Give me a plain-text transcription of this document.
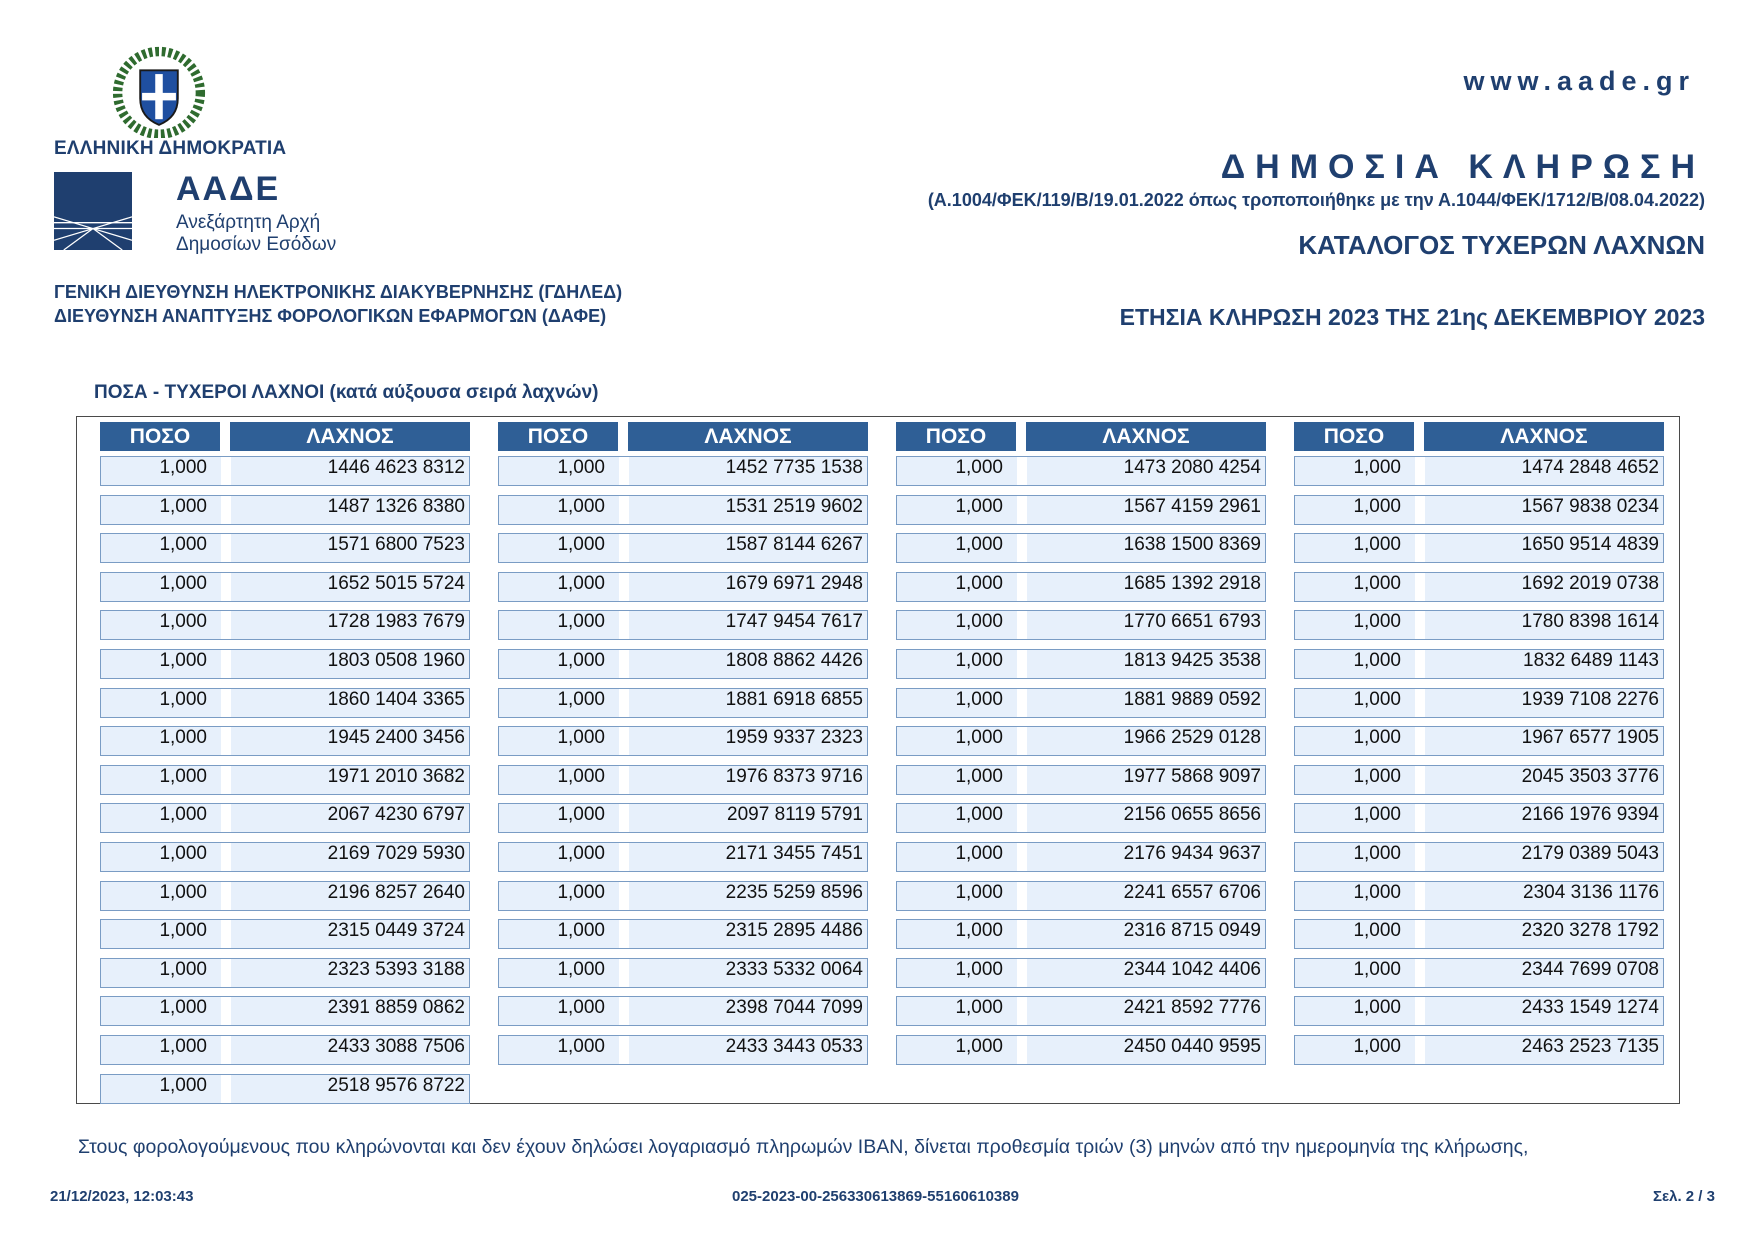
ΕΛΛΗΝΙΚΗ ΔΗΜΟΚΡΑΤΙΑ
ΑΑΔΕ
Ανεξάρτητη Αρχή
Δημοσίων Εσόδων
ΓΕΝΙΚΗ ΔΙΕΥΘΥΝΣΗ ΗΛΕΚΤΡΟΝΙΚΗΣ ΔΙΑΚΥΒΕΡΝΗΣΗΣ (ΓΔΗΛΕΔ)
ΔΙΕΥΘΥΝΣΗ ΑΝΑΠΤΥΞΗΣ ΦΟΡΟΛΟΓΙΚΩΝ ΕΦΑΡΜΟΓΩΝ (ΔΑΦΕ)
www.aade.gr
ΔΗΜΟΣΙΑ ΚΛΗΡΩΣΗ
(Α.1004/ΦΕΚ/119/Β/19.01.2022 όπως τροποποιήθηκε με την Α.1044/ΦΕΚ/1712/Β/08.04.2022)
ΚΑΤΑΛΟΓΟΣ ΤΥΧΕΡΩΝ ΛΑΧΝΩΝ
ΕΤΗΣΙΑ ΚΛΗΡΩΣΗ 2023 ΤΗΣ 21ης ΔΕΚΕΜΒΡΙΟΥ 2023
ΠΟΣΑ - ΤΥΧΕΡΟΙ ΛΑΧΝΟΙ (κατά αύξουσα σειρά λαχνών)
ΠΟΣΟ	ΛΑΧΝΟΣ
1,000	1446 4623 8312
1,000	1487 1326 8380
1,000	1571 6800 7523
1,000	1652 5015 5724
1,000	1728 1983 7679
1,000	1803 0508 1960
1,000	1860 1404 3365
1,000	1945 2400 3456
1,000	1971 2010 3682
1,000	2067 4230 6797
1,000	2169 7029 5930
1,000	2196 8257 2640
1,000	2315 0449 3724
1,000	2323 5393 3188
1,000	2391 8859 0862
1,000	2433 3088 7506
1,000	2518 9576 8722
ΠΟΣΟ	ΛΑΧΝΟΣ
1,000	1452 7735 1538
1,000	1531 2519 9602
1,000	1587 8144 6267
1,000	1679 6971 2948
1,000	1747 9454 7617
1,000	1808 8862 4426
1,000	1881 6918 6855
1,000	1959 9337 2323
1,000	1976 8373 9716
1,000	2097 8119 5791
1,000	2171 3455 7451
1,000	2235 5259 8596
1,000	2315 2895 4486
1,000	2333 5332 0064
1,000	2398 7044 7099
1,000	2433 3443 0533
ΠΟΣΟ	ΛΑΧΝΟΣ
1,000	1473 2080 4254
1,000	1567 4159 2961
1,000	1638 1500 8369
1,000	1685 1392 2918
1,000	1770 6651 6793
1,000	1813 9425 3538
1,000	1881 9889 0592
1,000	1966 2529 0128
1,000	1977 5868 9097
1,000	2156 0655 8656
1,000	2176 9434 9637
1,000	2241 6557 6706
1,000	2316 8715 0949
1,000	2344 1042 4406
1,000	2421 8592 7776
1,000	2450 0440 9595
ΠΟΣΟ	ΛΑΧΝΟΣ
1,000	1474 2848 4652
1,000	1567 9838 0234
1,000	1650 9514 4839
1,000	1692 2019 0738
1,000	1780 8398 1614
1,000	1832 6489 1143
1,000	1939 7108 2276
1,000	1967 6577 1905
1,000	2045 3503 3776
1,000	2166 1976 9394
1,000	2179 0389 5043
1,000	2304 3136 1176
1,000	2320 3278 1792
1,000	2344 7699 0708
1,000	2433 1549 1274
1,000	2463 2523 7135
Στους φορολογούμενους που κληρώνονται και δεν έχουν δηλώσει λογαριασμό πληρωμών IBAN, δίνεται προθεσμία τριών (3) μηνών από την ημερομηνία της κλήρωσης,
21/12/2023, 12:03:43	025-2023-00-256330613869-55160610389	Σελ. 2 / 3
